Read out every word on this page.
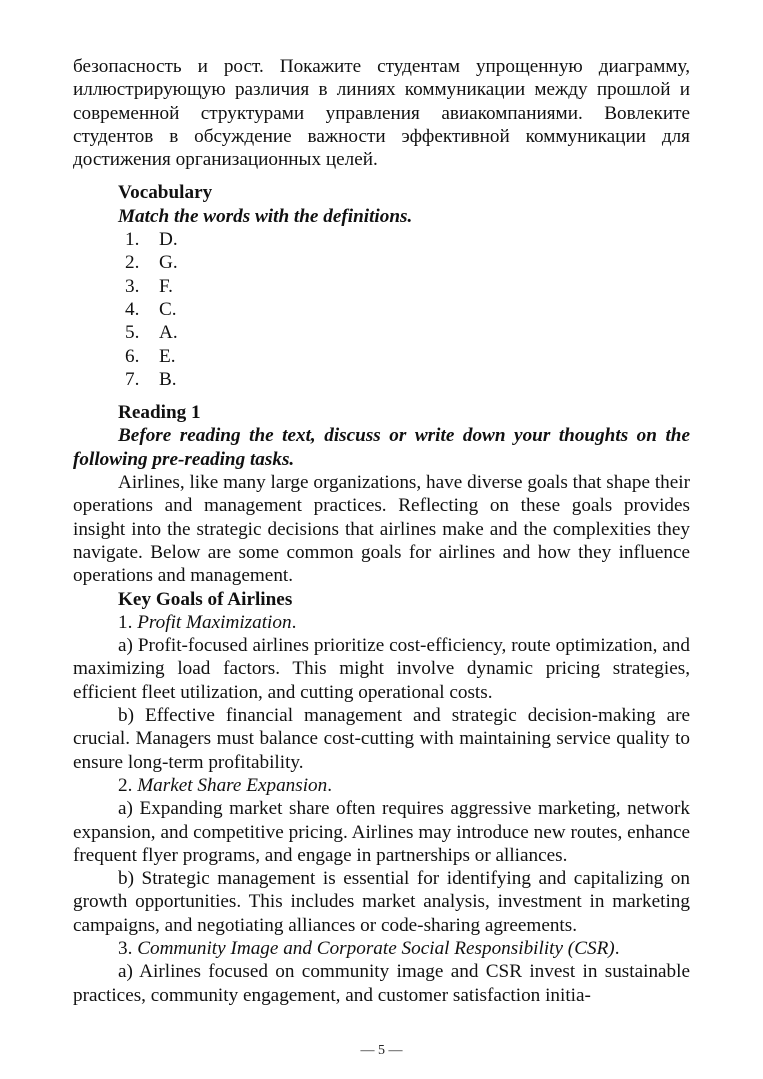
безопасность и рост. Покажите студентам упрощенную диаграмму, иллюстрирующую различия в линиях коммуникации между прошлой и современной структурами управления авиакомпаниями. Вовлеките студентов в обсуждение важности эффективной коммуникации для достижения организационных целей.

Vocabulary

Match the words with the definitions.

1.	D.
2.	G.
3.	F.
4.	C.
5.	A.
6.	E.
7.	B.

Reading 1

Before reading the text, discuss or write down your thoughts on the following pre-reading tasks.

Airlines, like many large organizations, have diverse goals that shape their operations and management practices. Reflecting on these goals provides insight into the strategic decisions that airlines make and the complexities they navigate. Below are some common goals for airlines and how they influence operations and management.

Key Goals of Airlines

1. Profit Maximization.

a) Profit-focused airlines prioritize cost-efficiency, route optimization, and maximizing load factors. This might involve dynamic pricing strategies, efficient fleet utilization, and cutting operational costs.

b) Effective financial management and strategic decision-making are crucial. Managers must balance cost-cutting with maintaining service quality to ensure long-term profitability.

2. Market Share Expansion.

a) Expanding market share often requires aggressive marketing, network expansion, and competitive pricing. Airlines may introduce new routes, enhance frequent flyer programs, and engage in partnerships or alliances.

b) Strategic management is essential for identifying and capitalizing on growth opportunities. This includes market analysis, investment in marketing campaigns, and negotiating alliances or code-sharing agreements.

3. Community Image and Corporate Social Responsibility (CSR).

a) Airlines focused on community image and CSR invest in sustainable practices, community engagement, and customer satisfaction initia-

— 5 —
